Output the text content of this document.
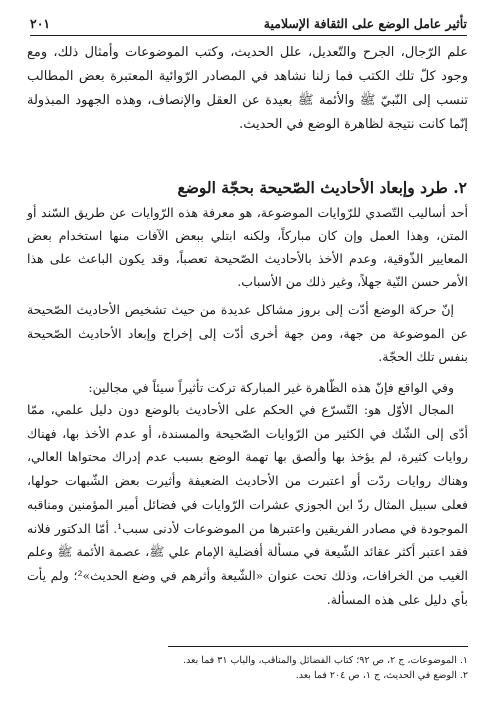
تأثير عامل الوضع على الثقافة الإسلامية
٢٠١

علم الرّجال، الجرح والتّعديل، علل الحديث، وكتب الموضوعات وأمثال ذلك، ومع وجود كلّ تلك الكتب فما زلنا نشاهد في المصادر الرّوائية المعتبرة بعض المطالب تنسب إلى النّبيّ ﷺ والأئمة ﷺ بعيدة عن العقل والإنصاف، وهذه الجهود المبذولة إنّما كانت نتيجة لظاهرة الوضع في الحديث.

٢. طرد وإبعاد الأحاديث الصّحيحة بحجّة الوضع

أحد أساليب التّصدي للرّوايات الموضوعة، هو معرفة هذه الرّوايات عن طريق السّند أو المتن، وهذا العمل وإن كان مباركاً، ولكنه ابتلي ببعض الآفات منها استخدام بعض المعايير الذّوقية، وعدم الأخذ بالأحاديث الصّحيحة تعصباً، وقد يكون الباعث على هذا الأمر حسن النّية جهلاً، وغير ذلك من الأسباب.

إنّ حركة الوضع أدّت إلى بروز مشاكل عديدة من حيث تشخيص الأحاديث الصّحيحة عن الموضوعة من جهة، ومن جهة أخرى أدّت إلى إخراج وإبعاد الأحاديث الصّحيحة بنفس تلك الحجّة.

وفي الواقع فإنّ هذه الظّاهرة غير المباركة تركت تأثيراً سيئاً في مجالين:

المجال الأوّل هو: التّسرّع في الحكم على الأحاديث بالوضع دون دليل علمي، ممّا أدّى إلى الشّك في الكثير من الرّوايات الصّحيحة والمسندة، أو عدم الأخذ بها، فهناك روايات كثيرة، لم يؤخذ بها وألصق بها تهمة الوضع بسبب عدم إدراك محتواها العالي، وهناك روايات ردّت أو اعتبرت من الأحاديث الضعيفة وأثيرت بعض الشّبهات حولها، فعلى سبيل المثال ردّ ابن الجوزي عشرات الرّوايات في فضائل أمير المؤمنين ومناقبه الموجودة في مصادر الفريقين واعتبرها من الموضوعات لأدنى سبب¹. أمّا الدكتور فلانه فقد اعتبر أكثر عقائد الشّيعة في مسألة أفضلية الإمام علي ﷺ، عصمة الأئمة ﷺ وعلم الغيب من الخرافات، وذلك تحت عنوان «الشّيعة وأثرهم في وضع الحديث»²؛ ولم يأت بأي دليل على هذه المسألة.

١. الموضوعات، ج ٢، ص ٩٢؛ كتاب الفضائل والمناقب، والباب ٣١ فما بعد.
٢. الوضع في الحديث، ج ١، ص ٢٠٤ فما بعد.
